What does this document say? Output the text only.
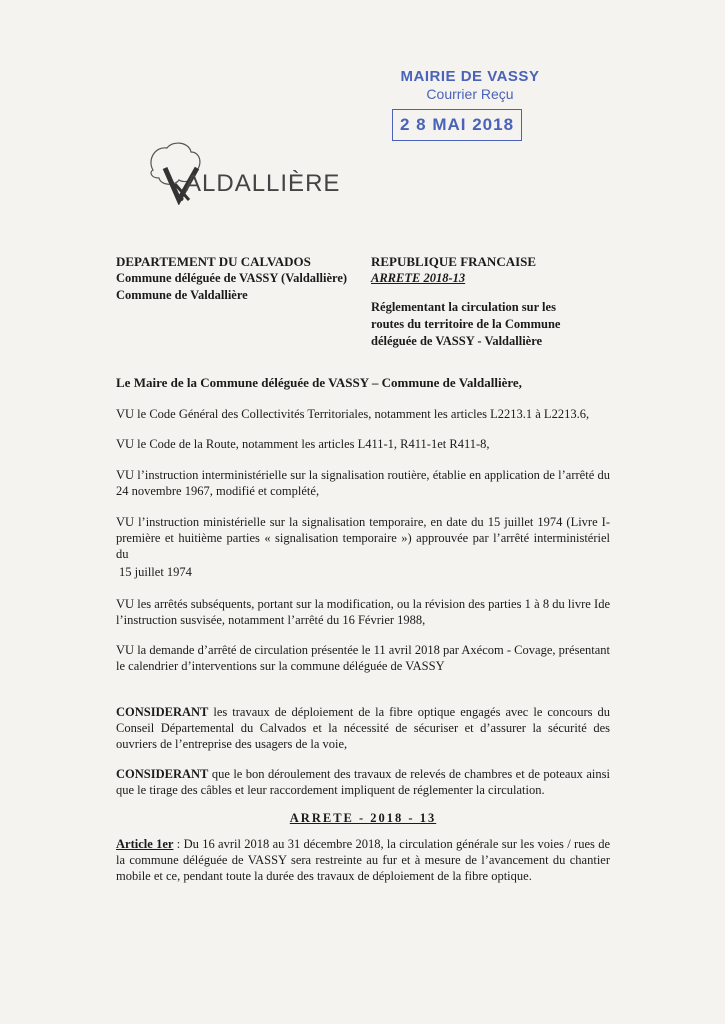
MAIRIE DE VASSY
Courrier Reçu
2 8 MAI 2018
ALDALLIÈRE
DEPARTEMENT DU CALVADOS
Commune déléguée de VASSY (Valdallière)
Commune de Valdallière
REPUBLIQUE FRANCAISE
ARRETE 2018-13
Réglementant la circulation sur les routes du territoire de la Commune déléguée de VASSY - Valdallière

Le Maire de la Commune déléguée de VASSY – Commune de Valdallière,

VU le Code Général des Collectivités Territoriales, notamment les articles L2213.1 à L2213.6,

VU le Code de la Route, notamment les articles L411-1, R411-1et R411-8,

VU l’instruction interministérielle sur la signalisation routière, établie en application de l’arrêté du 24 novembre 1967, modifié et complété,

VU l’instruction ministérielle sur la signalisation temporaire, en date du 15 juillet 1974 (Livre I-première et huitième parties « signalisation temporaire ») approuvée par l’arrêté interministériel du

15 juillet 1974

VU les arrêtés subséquents, portant sur la modification, ou la révision des parties 1 à 8 du livre Ide l’instruction susvisée, notamment l’arrêté du 16 Février 1988,

VU la demande d’arrêté de circulation présentée le 11 avril 2018 par Axécom - Covage, présentant le calendrier d’interventions sur la commune déléguée de VASSY

CONSIDERANT les travaux de déploiement de la fibre optique engagés avec le concours du Conseil Départemental du Calvados et la nécessité de sécuriser et d’assurer la sécurité des ouvriers de l’entreprise des usagers de la voie,

CONSIDERANT que le bon déroulement des travaux de relevés de chambres et de poteaux ainsi que le tirage des câbles et leur raccordement impliquent de réglementer la circulation.

ARRETE - 2018 - 13

Article 1er : Du 16 avril 2018 au 31 décembre 2018, la circulation générale sur les voies / rues de la commune déléguée de VASSY sera restreinte au fur et à mesure de l’avancement du chantier mobile et ce, pendant toute la durée des travaux de déploiement de la fibre optique.
